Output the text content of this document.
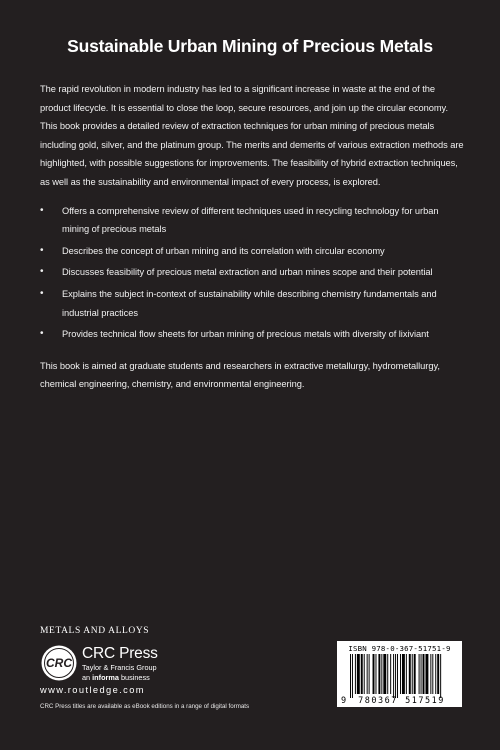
Sustainable Urban Mining of Precious Metals

The rapid revolution in modern industry has led to a significant increase in waste at the end of the product lifecycle. It is essential to close the loop, secure resources, and join up the circular economy. This book provides a detailed review of extraction techniques for urban mining of precious metals including gold, silver, and the platinum group. The merits and demerits of various extraction methods are highlighted, with possible suggestions for improvements. The feasibility of hybrid extraction techniques, as well as the sustainability and environmental impact of every process, is explored.

• Offers a comprehensive review of different techniques used in recycling technology for urban mining of precious metals
• Describes the concept of urban mining and its correlation with circular economy
• Discusses feasibility of precious metal extraction and urban mines scope and their potential
• Explains the subject in-context of sustainability while describing chemistry fundamentals and industrial practices
• Provides technical flow sheets for urban mining of precious metals with diversity of lixiviant

This book is aimed at graduate students and researchers in extractive metallurgy, hydrometallurgy, chemical engineering, chemistry, and environmental engineering.

METALS AND ALLOYS
CRC
CRC Press
Taylor & Francis Group
an informa business
www.routledge.com
CRC Press titles are available as eBook editions in a range of digital formats
ISBN 978-0-367-51751-9
9 780367 517519
